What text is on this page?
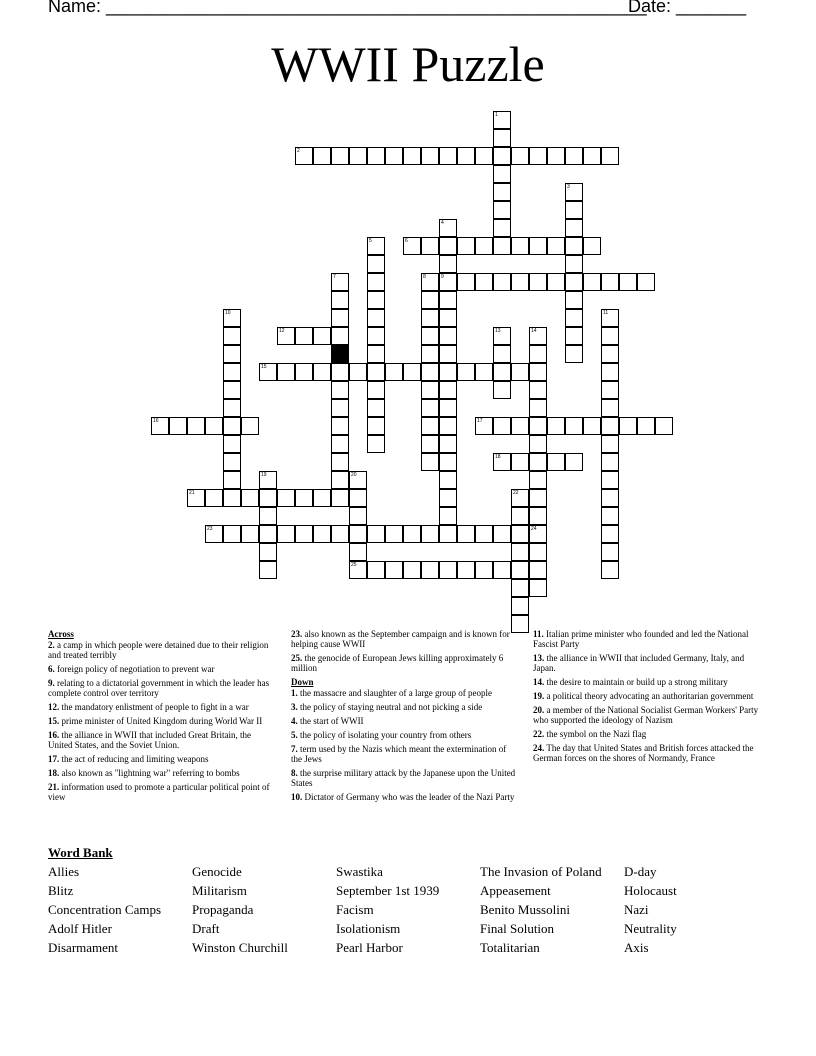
Name: ______________________________________________________
Date: _______
WWII Puzzle
1
2
3
4
9
5	6
7	8
10	11
12	13	14
24
15
16	17
18
19	20
25
21	22
23
Across
2. a camp in which people were detained due to their religion and treated terribly
6. foreign policy of negotiation to prevent war
9. relating to a dictatorial government in which the leader has complete control over territory
12. the mandatory enlistment of people to fight in a war
15. prime minister of United Kingdom during World War II
16. the alliance in WWII that included Great Britain, the United States, and the Soviet Union.
17. the act of reducing and limiting weapons
18. also known as "lightning war" referring to bombs
21. information used to promote a particular political point of view
23. also known as the September campaign and is known for helping cause WWII
25. the genocide of European Jews killing approximately 6 million
Down
1. the massacre and slaughter of a large group of people
3. the policy of staying neutral and not picking a side
4. the start of WWII
5. the policy of isolating your country from others
7. term used by the Nazis which meant the extermination of the Jews
8. the surprise military attack by the Japanese upon the United States
10. Dictator of Germany who was the leader of the Nazi Party
11. Italian prime minister who founded and led the National Fascist Party
13. the alliance in WWII that included Germany, Italy, and Japan.
14. the desire to maintain or build up a strong military
19. a political theory advocating an authoritarian government
20. a member of the National Socialist German Workers' Party who supported the ideology of Nazism
22. the symbol on the Nazi flag
24. The day that United States and British forces attacked the German forces on the shores of Normandy, France
Word Bank
Allies
Blitz
Concentration Camps
Adolf Hitler
Disarmament
Genocide
Militarism
Propaganda
Draft
Winston Churchill
Swastika
September 1st 1939
Facism
Isolationism
Pearl Harbor
The Invasion of Poland
Appeasement
Benito Mussolini
Final Solution
Totalitarian
D-day
Holocaust
Nazi
Neutrality
Axis
